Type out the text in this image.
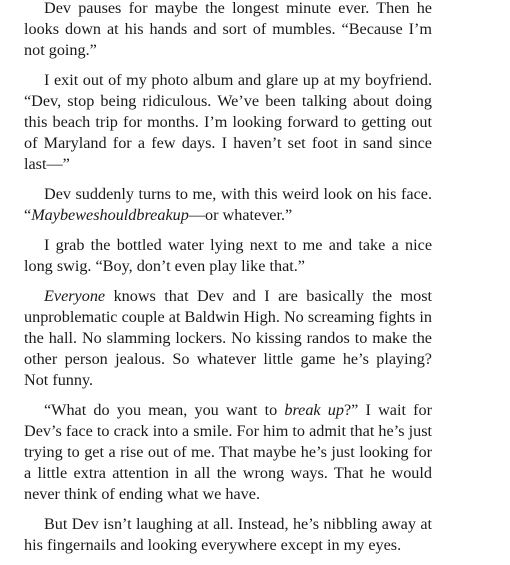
Dev pauses for maybe the longest minute ever. Then he looks down at his hands and sort of mumbles. “Because I’m not going.”

I exit out of my photo album and glare up at my boyfriend. “Dev, stop being ridiculous. We’ve been talking about doing this beach trip for months. I’m looking forward to getting out of Maryland for a few days. I haven’t set foot in sand since last—”

Dev suddenly turns to me, with this weird look on his face. “Maybeweshouldbreakup—or whatever.”

I grab the bottled water lying next to me and take a nice long swig. “Boy, don’t even play like that.”

Everyone knows that Dev and I are basically the most unproblematic couple at Baldwin High. No screaming fights in the hall. No slamming lockers. No kissing randos to make the other person jealous. So whatever little game he’s playing? Not funny.

“What do you mean, you want to break up?” I wait for Dev’s face to crack into a smile. For him to admit that he’s just trying to get a rise out of me. That maybe he’s just looking for a little extra attention in all the wrong ways. That he would never think of ending what we have.

But Dev isn’t laughing at all. Instead, he’s nibbling away at his fingernails and looking everywhere except in my eyes.
